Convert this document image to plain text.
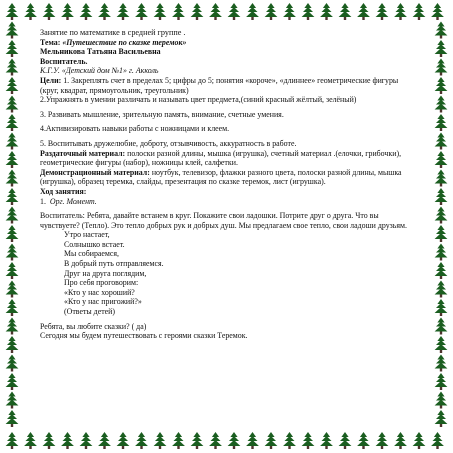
Занятие по математике в средней группе .

Тема: «Путешествие по сказке теремок»

Мельникова Татьяна Васильевна

Воспитатель.

К.Г.У. «Детский дом №1» г. Акколь

Цели: 1. Закреплять счет в пределах 5; цифры до 5; понятия «короче», «длиннее» геометрические фигуры (круг, квадрат, прямоугольник, треугольник)

2.Упражнять в умении различать и называть цвет предмета,(синий красный жёлтый, зелёный)

3. Развивать мышление, зрительную память, внимание, счетные умения.

4.Активизировать навыки работы с ножницами и клеем.

5. Воспитывать дружелюбие, доброту, отзывчивость, аккуратность в работе.

Раздаточный материал: полоски разной длины, мышка (игрушка), счетный материал .(елочки, грибочки), геометрические фигуры (набор), ножницы клей, салфетки.

Демонстрационный материал: ноутбук, телевизор, флажки разного цвета, полоски разной длины, мышка (игрушка), образец теремка, слайды, презентация по сказке теремок, лист (игрушка).

Ход занятия:

1. Орг. Момент.

Воспитатель: Ребята, давайте встанем в круг. Покажите свои ладошки. Потрите друг о друга. Что вы чувствуете? (Тепло). Это тепло добрых рук и добрых душ. Мы предлагаем свое тепло, свои ладоши друзьям.

Утро настает,

Солнышко встает.

Мы собираемся,

В добрый путь отправляемся.

Друг на друга поглядим,

Про себя проговорим:

«Кто у нас хороший?

«Кто у нас пригожий?»

(Ответы детей)

Ребята, вы любите сказки? ( да)

Сегодня мы будем путешествовать с героями сказки Теремок.
